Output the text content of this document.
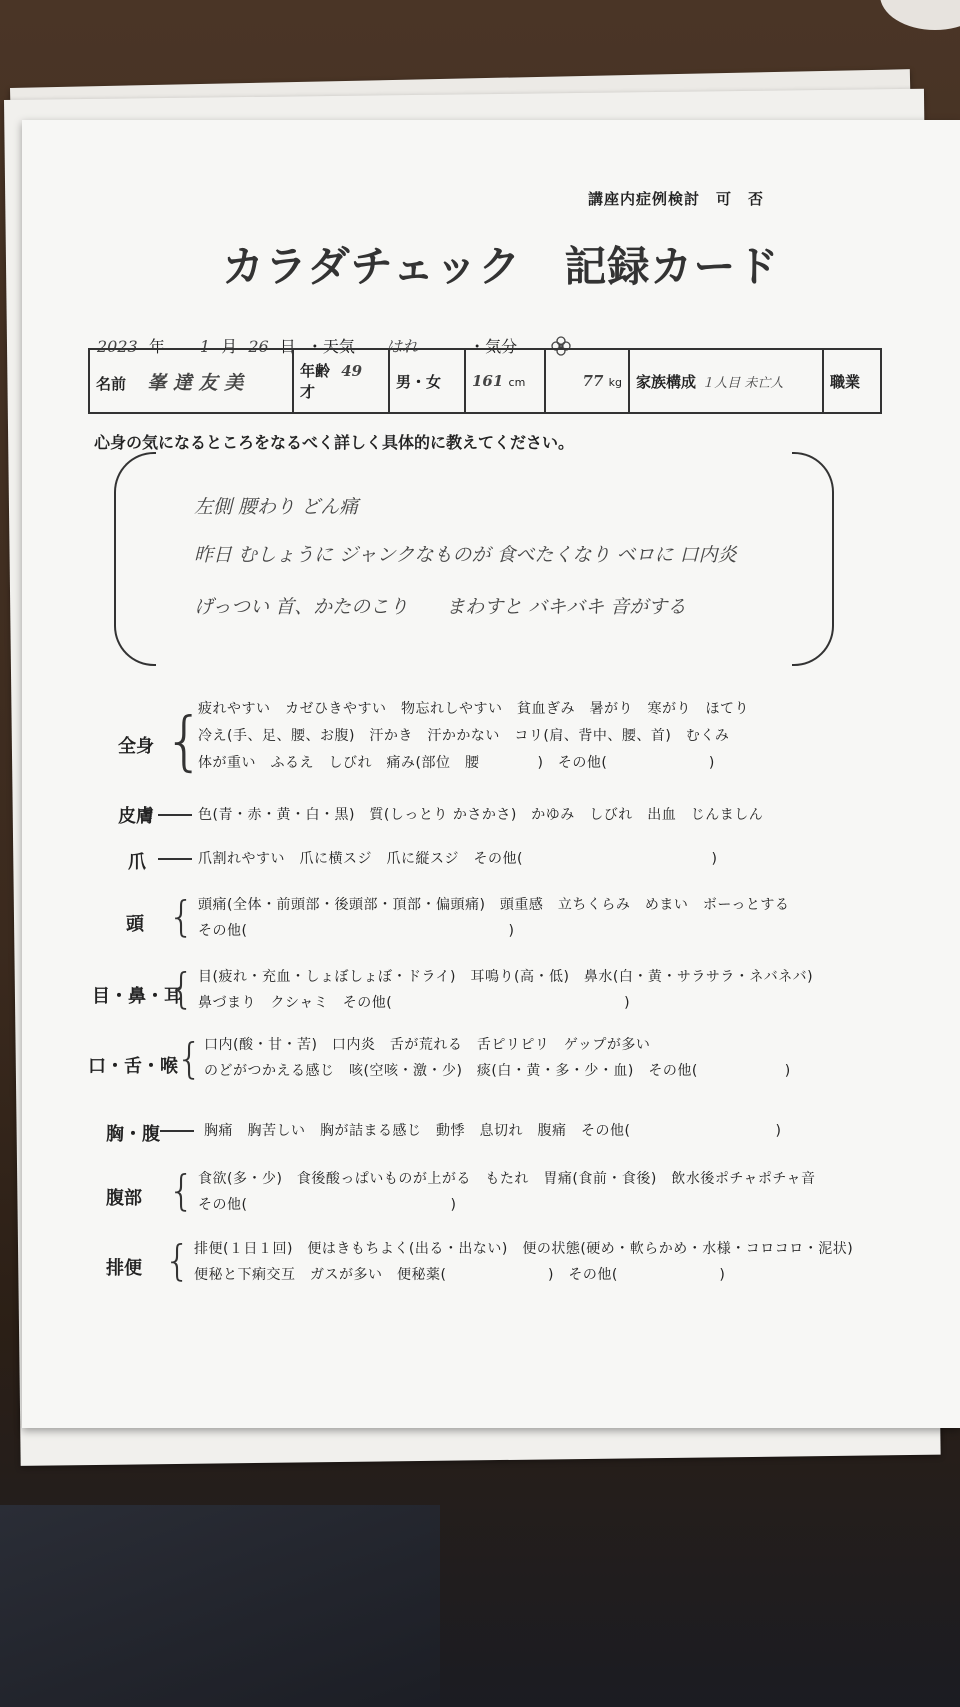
講座内症例検討　可　否
カラダチェック　記録カード
2023 年 1 月 26 日 ・天気 はれ	・気分
名前 峯 達 友 美	年齢 49 才	男・女	161 cm	77 kg	家族構成 １人目 未亡人	職業
心身の気になるところをなるべく詳しく具体的に教えてください。
左側 腰わり どん痛
昨日 むしょうに ジャンクなものが 食べたくなり ベロに 口内炎
げっつい 首、かたのこり　　まわすと バキバキ 音がする
全身 {
疲れやすい　カゼひきやすい　物忘れしやすい　貧血ぎみ　暑がり　寒がり　ほてり
冷え(手、足、腰、お腹)　汗かき　汗かかない　コリ(肩、背中、腰、首)　むくみ
体が重い　ふるえ　しびれ　痛み(部位　腰　　　　)　その他(　　　　　　　)
皮膚	色(青・赤・黄・白・黒)　質(しっとり かさかさ)　かゆみ　しびれ　出血　じんましん
爪	爪割れやすい　爪に横スジ　爪に縦スジ　その他(　　　　　　　　　　　　　)
頭 { 頭痛(全体・前頭部・後頭部・頂部・偏頭痛)　頭重感　立ちくらみ　めまい　ボーっとする
その他(　　　　　　　　　　　　　　　　　　)
目・鼻・耳
{ 目(疲れ・充血・しょぼしょぼ・ドライ)　耳鳴り(高・低)　鼻水(白・黄・サラサラ・ネバネバ)
鼻づまり　クシャミ　その他(　　　　　　　　　　　　　　　　)
口・舌・喉
{ 口内(酸・甘・苦)　口内炎　舌が荒れる　舌ピリピリ　ゲップが多い
のどがつかえる感じ　咳(空咳・激・少)　痰(白・黄・多・少・血)　その他(　　　　　　)
胸・腹	胸痛　胸苦しい　胸が詰まる感じ　動悸　息切れ　腹痛　その他(　　　　　　　　　　)
腹部 { 食欲(多・少)　食後酸っぱいものが上がる　もたれ　胃痛(食前・食後)　飲水後ポチャポチャ音
その他(　　　　　　　　　　　　　　)
排便 { 排便(１日１回)　便はきもちよく(出る・出ない)　便の状態(硬め・軟らかめ・水様・コロコロ・泥状)
便秘と下痢交互　ガスが多い　便秘薬(　　　　　　　)　その他(　　　　　　　)
